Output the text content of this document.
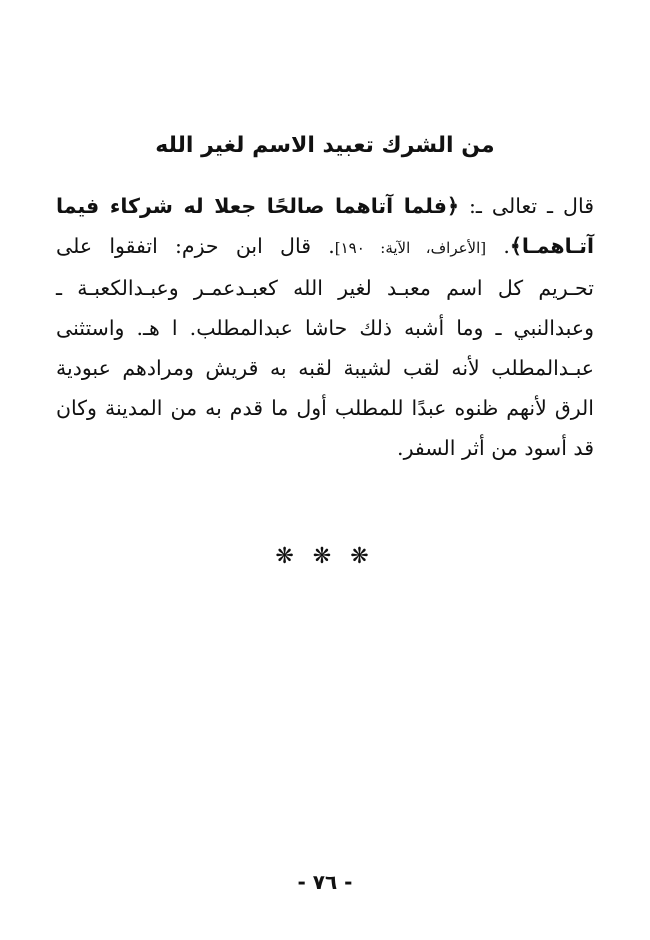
من الشرك تعبيد الاسم لغير الله
قال ـ تعالى ـ: ﴿فلما آتاهما صالحًا جعلا له شركاء فيما
آتـاهمـا﴾. [الأعراف، الآية: ١٩٠]. قال ابن حزم: اتفقوا على
تحـريم كل اسم معبـد لغير الله كعبـدعمـر وعبـدالكعبـة ـ
وعبدالنبي ـ وما أشبه ذلك حاشا عبدالمطلب. ا هـ. واستثنى
عبـدالمطلب لأنه لقب لشيبة لقبه به قريش ومرادهم عبودية
الرق لأنهم ظنوه عبدًا للمطلب أول ما قدم به من المدينة وكان
قد أسود من أثر السفر.
❋ ❋ ❋
- ٧٦ -
